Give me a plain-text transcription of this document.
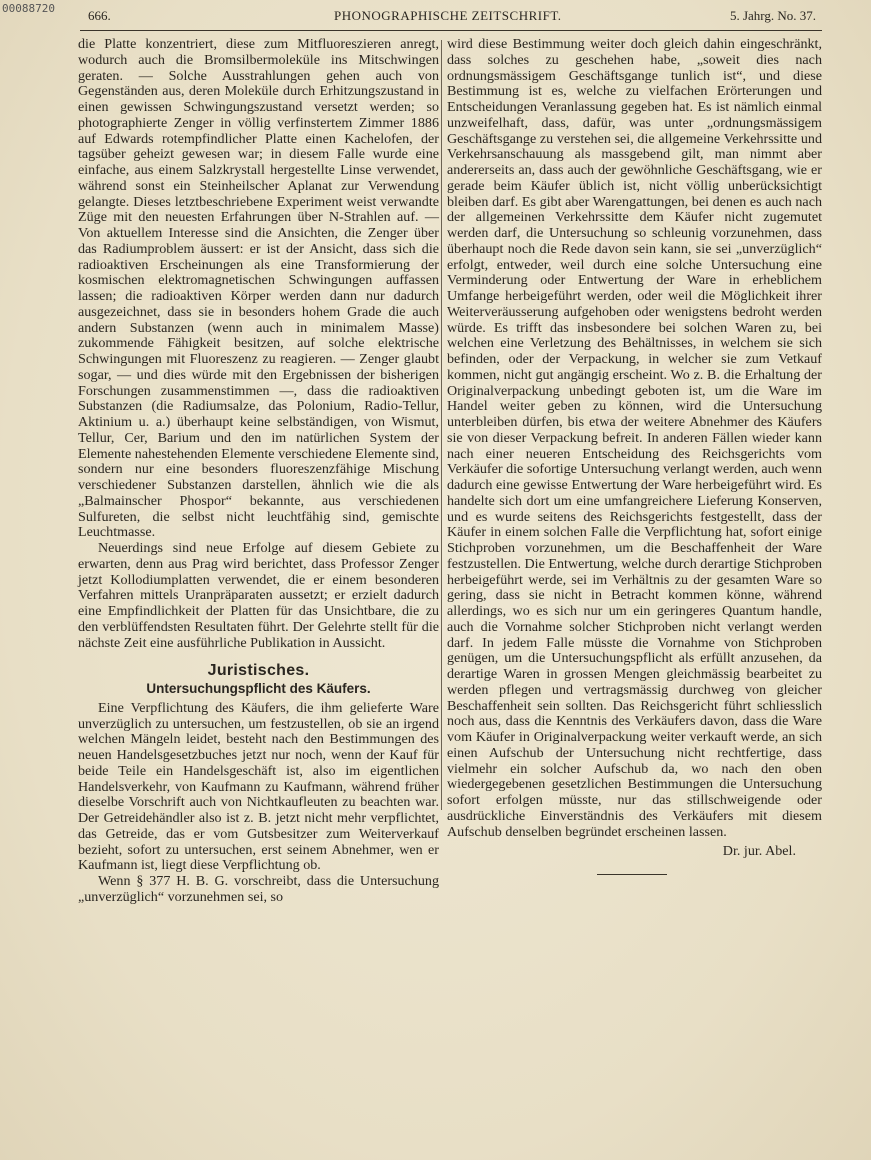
00088720	666.	PHONOGRAPHISCHE ZEITSCHRIFT.	5. Jahrg. No. 37.

die Platte konzentriert, diese zum Mitfluoreszieren anregt, wodurch auch die Bromsilbermoleküle ins Mitschwingen geraten. — Solche Ausstrahlungen gehen auch von Gegenständen aus, deren Moleküle durch Erhitzungszustand in einen gewissen Schwingungszustand versetzt werden; so photographierte Zenger in völlig verfinstertem Zimmer 1886 auf Edwards rotempfindlicher Platte einen Kachelofen, der tagsüber geheizt gewesen war; in diesem Falle wurde eine einfache, aus einem Salzkrystall hergestellte Linse verwendet, während sonst ein Steinheilscher Aplanat zur Verwendung gelangte. Dieses letztbeschriebene Experiment weist verwandte Züge mit den neuesten Erfahrungen über N-Strahlen auf. — Von aktuellem Interesse sind die Ansichten, die Zenger über das Radiumproblem äussert: er ist der Ansicht, dass sich die radioaktiven Erscheinungen als eine Transformierung der kosmischen elektromagnetischen Schwingungen auffassen lassen; die radioaktiven Körper werden dann nur dadurch ausgezeichnet, dass sie in besonders hohem Grade die auch andern Substanzen (wenn auch in minimalem Masse) zukommende Fähigkeit besitzen, auf solche elektrische Schwingungen mit Fluoreszenz zu reagieren. — Zenger glaubt sogar, — und dies würde mit den Ergebnissen der bisherigen Forschungen zusammenstimmen —, dass die radioaktiven Substanzen (die Radiumsalze, das Polonium, Radio-Tellur, Aktinium u. a.) überhaupt keine selbständigen, von Wismut, Tellur, Cer, Barium und den im natürlichen System der Elemente nahestehenden Elemente verschiedene Elemente sind, sondern nur eine besonders fluoreszenzfähige Mischung verschiedener Substanzen darstellen, ähnlich wie die als „Balmainscher Phospor“ bekannte, aus verschiedenen Sulfureten, die selbst nicht leuchtfähig sind, gemischte Leuchtmasse.

Neuerdings sind neue Erfolge auf diesem Gebiete zu erwarten, denn aus Prag wird berichtet, dass Professor Zenger jetzt Kollodiumplatten verwendet, die er einem besonderen Verfahren mittels Uranpräparaten aussetzt; er erzielt dadurch eine Empfindlichkeit der Platten für das Unsichtbare, die zu den verblüffendsten Resultaten führt. Der Gelehrte stellt für die nächste Zeit eine ausführliche Publikation in Aussicht.

Juristisches.
Untersuchungspflicht des Käufers.

Eine Verpflichtung des Käufers, die ihm gelieferte Ware unverzüglich zu untersuchen, um festzustellen, ob sie an irgend welchen Mängeln leidet, besteht nach den Bestimmungen des neuen Handelsgesetzbuches jetzt nur noch, wenn der Kauf für beide Teile ein Handelsgeschäft ist, also im eigentlichen Handelsverkehr, von Kaufmann zu Kaufmann, während früher dieselbe Vorschrift auch von Nichtkaufleuten zu beachten war. Der Getreidehändler also ist z. B. jetzt nicht mehr verpflichtet, das Getreide, das er vom Gutsbesitzer zum Weiterverkauf bezieht, sofort zu untersuchen, erst seinem Abnehmer, wen er Kaufmann ist, liegt diese Verpflichtung ob.

Wenn § 377 H. B. G. vorschreibt, dass die Untersuchung „unverzüglich“ vorzunehmen sei, so

wird diese Bestimmung weiter doch gleich dahin eingeschränkt, dass solches zu geschehen habe, „soweit dies nach ordnungsmässigem Geschäftsgange tunlich ist“, und diese Bestimmung ist es, welche zu vielfachen Erörterungen und Entscheidungen Veranlassung gegeben hat. Es ist nämlich einmal unzweifelhaft, dass, dafür, was unter „ordnungsmässigem Geschäftsgange zu verstehen sei, die allgemeine Verkehrssitte und Verkehrsanschauung als massgebend gilt, man nimmt aber andererseits an, dass auch der gewöhnliche Geschäftsgang, wie er gerade beim Käufer üblich ist, nicht völlig unberücksichtigt bleiben darf. Es gibt aber Warengattungen, bei denen es auch nach der allgemeinen Verkehrssitte dem Käufer nicht zugemutet werden darf, die Untersuchung so schleunig vorzunehmen, dass überhaupt noch die Rede davon sein kann, sie sei „unverzüglich“ erfolgt, entweder, weil durch eine solche Untersuchung eine Verminderung oder Entwertung der Ware in erheblichem Umfange herbeigeführt werden, oder weil die Möglichkeit ihrer Weiterveräusserung aufgehoben oder wenigstens bedroht werden würde. Es trifft das insbesondere bei solchen Waren zu, bei welchen eine Verletzung des Behältnisses, in welchem sie sich befinden, oder der Verpackung, in welcher sie zum Vetkauf kommen, nicht gut angängig erscheint. Wo z. B. die Erhaltung der Originalverpackung unbedingt geboten ist, um die Ware im Handel weiter geben zu können, wird die Untersuchung unterbleiben dürfen, bis etwa der weitere Abnehmer des Käufers sie von dieser Verpackung befreit. In anderen Fällen wieder kann nach einer neueren Entscheidung des Reichsgerichts vom Verkäufer die sofortige Untersuchung verlangt werden, auch wenn dadurch eine gewisse Entwertung der Ware herbeigeführt wird. Es handelte sich dort um eine umfangreichere Lieferung Konserven, und es wurde seitens des Reichsgerichts festgestellt, dass der Käufer in einem solchen Falle die Verpflichtung hat, sofort einige Stichproben vorzunehmen, um die Beschaffenheit der Ware festzustellen. Die Entwertung, welche durch derartige Stichproben herbeigeführt werde, sei im Verhältnis zu der gesamten Ware so gering, dass sie nicht in Betracht kommen könne, während allerdings, wo es sich nur um ein geringeres Quantum handle, auch die Vornahme solcher Stichproben nicht verlangt werden darf. In jedem Falle müsste die Vornahme von Stichproben genügen, um die Untersuchungspflicht als erfüllt anzusehen, da derartige Waren in grossen Mengen gleichmässig bearbeitet zu werden pflegen und vertragsmässig durchweg von gleicher Beschaffenheit sein sollten. Das Reichsgericht führt schliesslich noch aus, dass die Kenntnis des Verkäufers davon, dass die Ware vom Käufer in Originalverpackung weiter verkauft werde, an sich einen Aufschub der Untersuchung nicht rechtfertige, dass vielmehr ein solcher Aufschub da, wo nach den oben wiedergegebenen gesetzlichen Bestimmungen die Untersuchung sofort erfolgen müsste, nur das stillschweigende oder ausdrückliche Einverständnis des Verkäufers mit diesem Aufschub denselben begründet erscheinen lassen.

Dr. jur. Abel.
